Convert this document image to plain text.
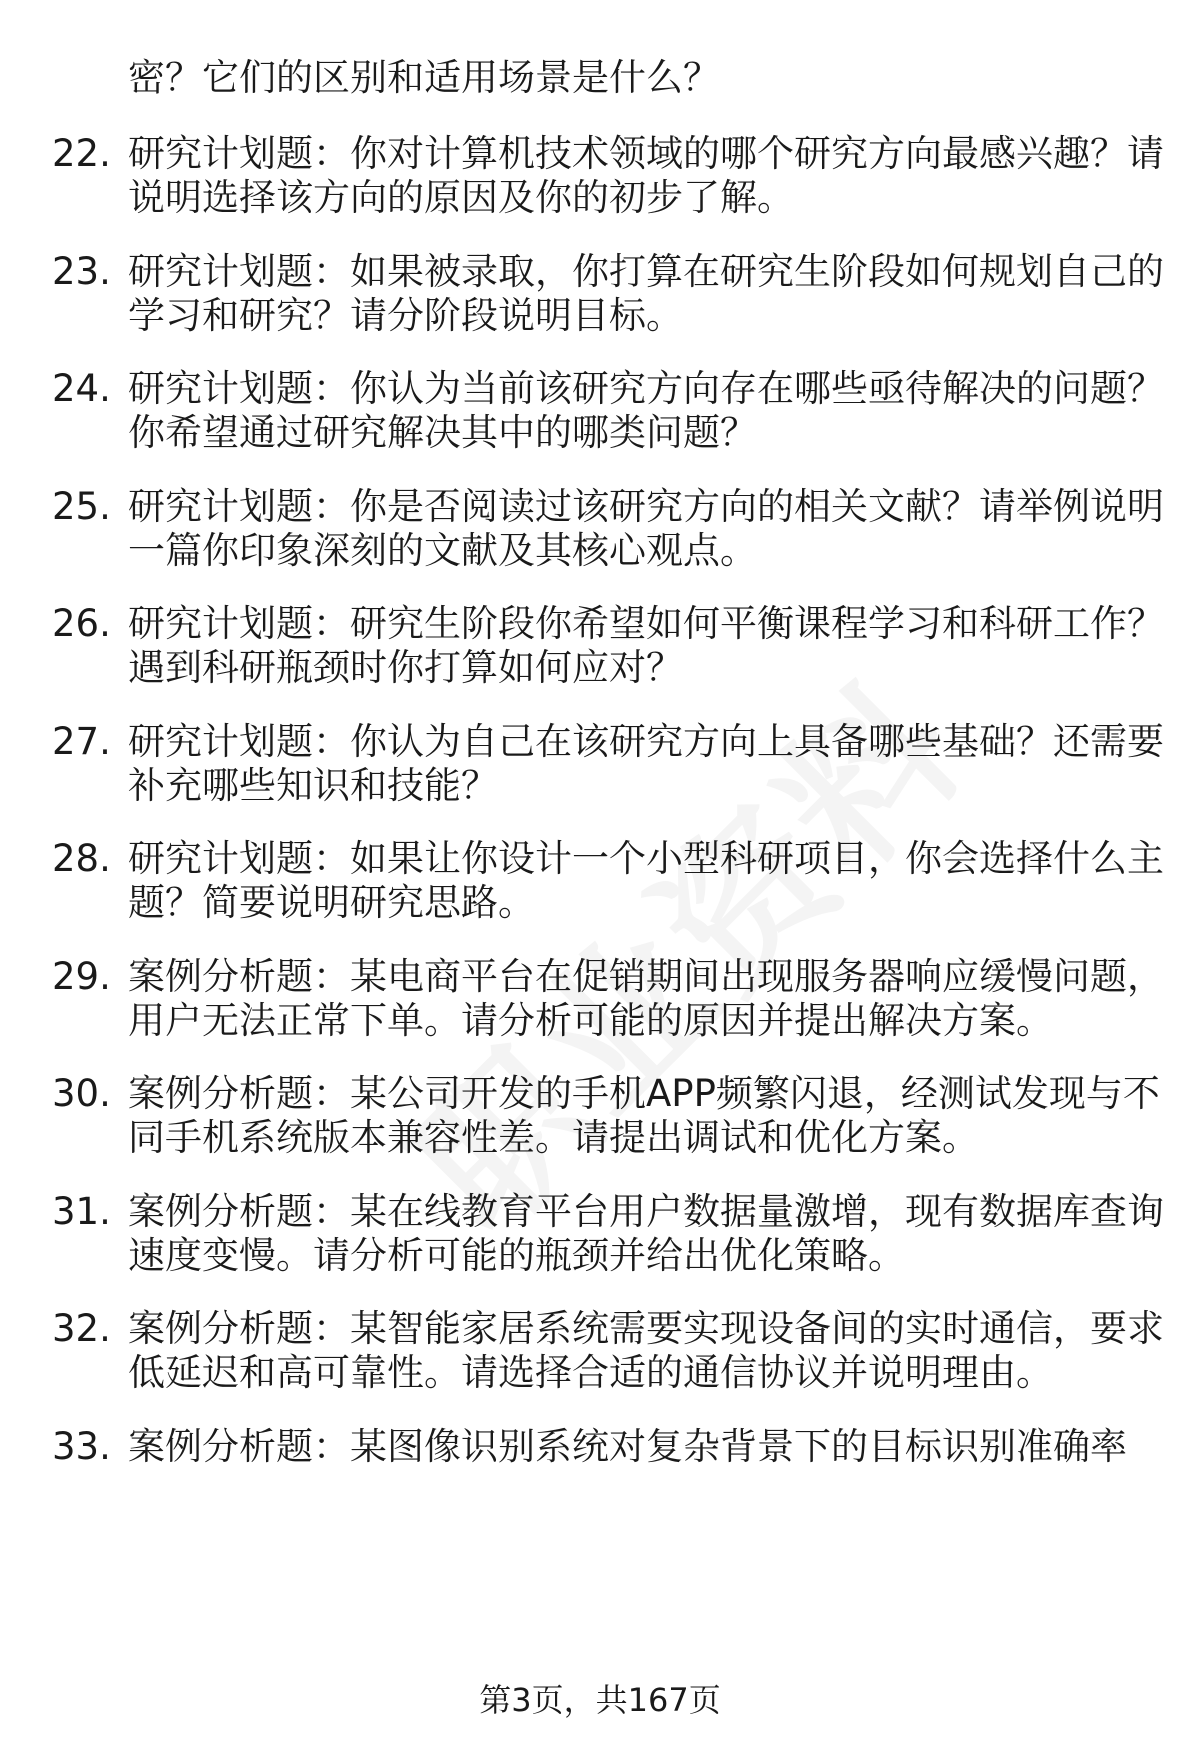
密？它们的区别和适用场景是什么？
22. 研究计划题：你对计算机技术领域的哪个研究方向最感兴趣？请
说明选择该方向的原因及你的初步了解。
23. 研究计划题：如果被录取，你打算在研究生阶段如何规划自己的
学习和研究？请分阶段说明目标。
24. 研究计划题：你认为当前该研究方向存在哪些亟待解决的问题？
你希望通过研究解决其中的哪类问题？
25. 研究计划题：你是否阅读过该研究方向的相关文献？请举例说明
一篇你印象深刻的文献及其核心观点。
26. 研究计划题：研究生阶段你希望如何平衡课程学习和科研工作？
遇到科研瓶颈时你打算如何应对？
27. 研究计划题：你认为自己在该研究方向上具备哪些基础？还需要
补充哪些知识和技能？
28. 研究计划题：如果让你设计一个小型科研项目，你会选择什么主
题？简要说明研究思路。
29. 案例分析题：某电商平台在促销期间出现服务器响应缓慢问题，
用户无法正常下单。请分析可能的原因并提出解决方案。
30. 案例分析题：某公司开发的手机APP频繁闪退，经测试发现与不
同手机系统版本兼容性差。请提出调试和优化方案。
31. 案例分析题：某在线教育平台用户数据量激增，现有数据库查询
速度变慢。请分析可能的瓶颈并给出优化策略。
32. 案例分析题：某智能家居系统需要实现设备间的实时通信，要求
低延迟和高可靠性。请选择合适的通信协议并说明理由。
33. 案例分析题：某图像识别系统对复杂背景下的目标识别准确率
第3页，共167页
